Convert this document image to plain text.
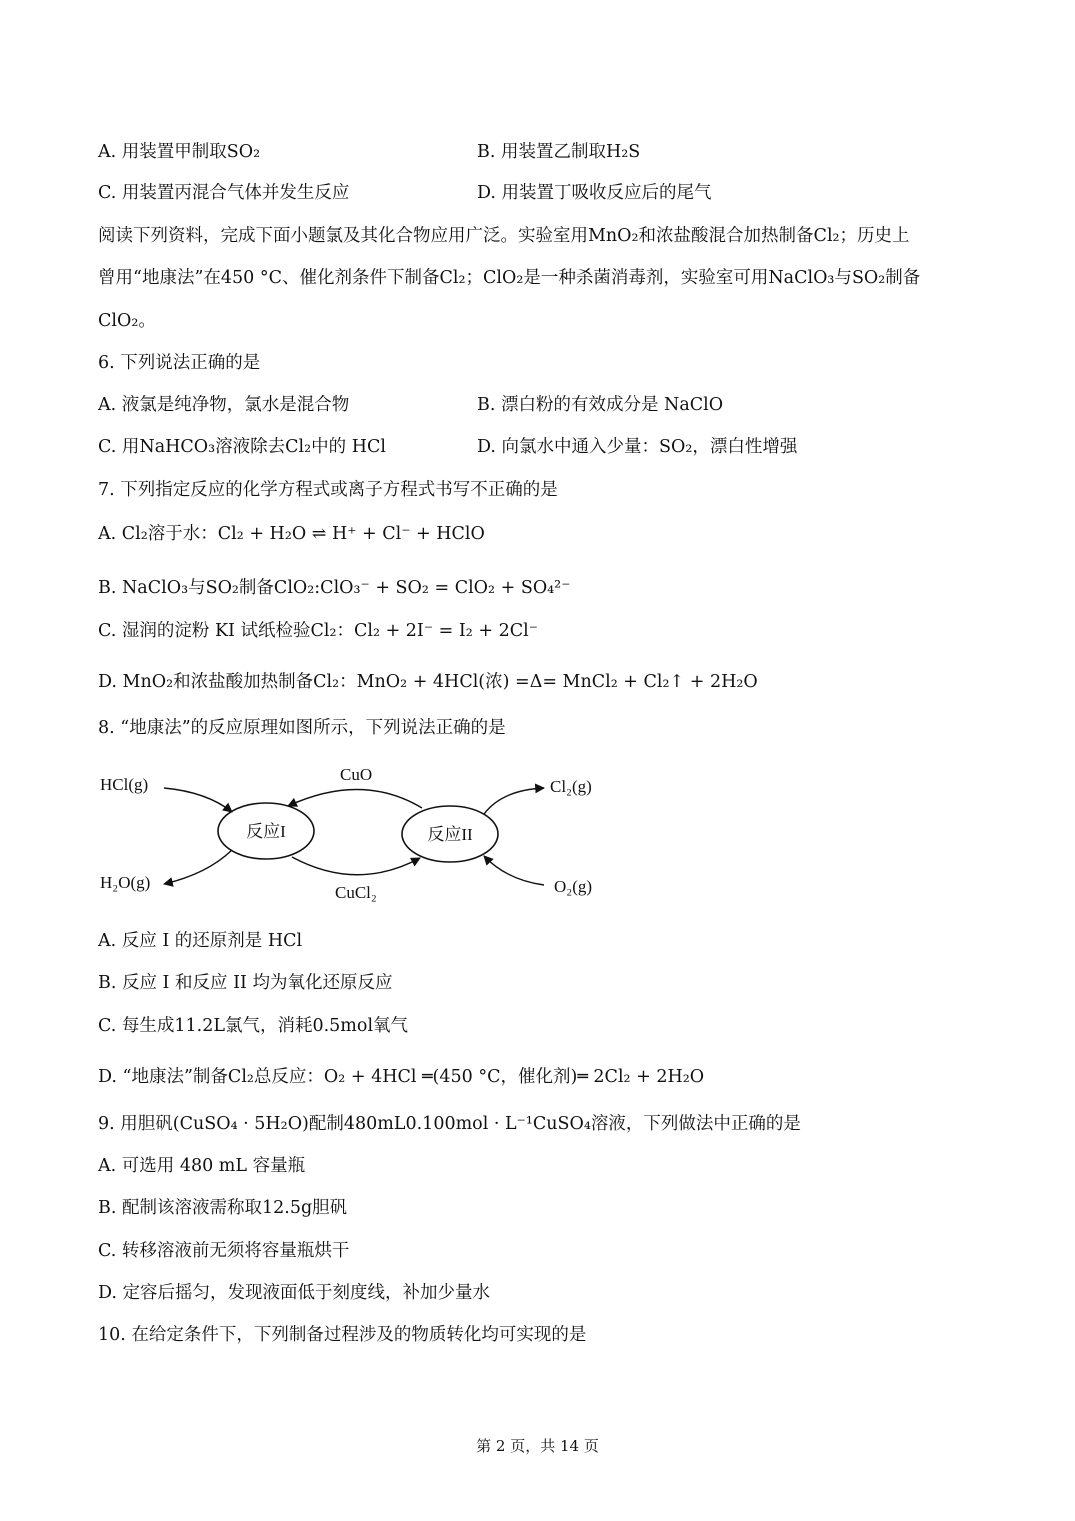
A. 用装置甲制取SO₂	B. 用装置乙制取H₂S
C. 用装置丙混合气体并发生反应	D. 用装置丁吸收反应后的尾气
阅读下列资料，完成下面小题氯及其化合物应用广泛。实验室用MnO₂和浓盐酸混合加热制备Cl₂；历史上
曾用“地康法”在450 °C、催化剂条件下制备Cl₂；ClO₂是一种杀菌消毒剂，实验室可用NaClO₃与SO₂制备
ClO₂。
6. 下列说法正确的是
A. 液氯是纯净物，氯水是混合物	B. 漂白粉的有效成分是 NaClO
C. 用NaHCO₃溶液除去Cl₂中的 HCl	D. 向氯水中通入少量：SO₂，漂白性增强
7. 下列指定反应的化学方程式或离子方程式书写不正确的是
A. Cl₂溶于水：Cl₂ + H₂O ⇌ H⁺ + Cl⁻ + HClO
B. NaClO₃与SO₂制备ClO₂:ClO₃⁻ + SO₂ = ClO₂ + SO₄²⁻
C. 湿润的淀粉 KI 试纸检验Cl₂：Cl₂ + 2I⁻ = I₂ + 2Cl⁻
D. MnO₂和浓盐酸加热制备Cl₂：MnO₂ + 4HCl(浓) =Δ= MnCl₂ + Cl₂↑ + 2H₂O
8. “地康法”的反应原理如图所示，下列说法正确的是
HCl(g)
H₂O(g)
CuO
CuCl₂
反应I	反应II
Cl₂(g)
O₂(g)
A. 反应 I 的还原剂是 HCl
B. 反应 I 和反应 II 均为氧化还原反应
C. 每生成11.2L氯气，消耗0.5mol氧气
D. “地康法”制备Cl₂总反应：O₂ + 4HCl ═(450 °C，催化剂)═ 2Cl₂ + 2H₂O
9. 用胆矾(CuSO₄ · 5H₂O)配制480mL0.100mol · L⁻¹CuSO₄溶液，下列做法中正确的是
A. 可选用 480 mL 容量瓶
B. 配制该溶液需称取12.5g胆矾
C. 转移溶液前无须将容量瓶烘干
D. 定容后摇匀，发现液面低于刻度线，补加少量水
10. 在给定条件下，下列制备过程涉及的物质转化均可实现的是
第 2 页，共 14 页
